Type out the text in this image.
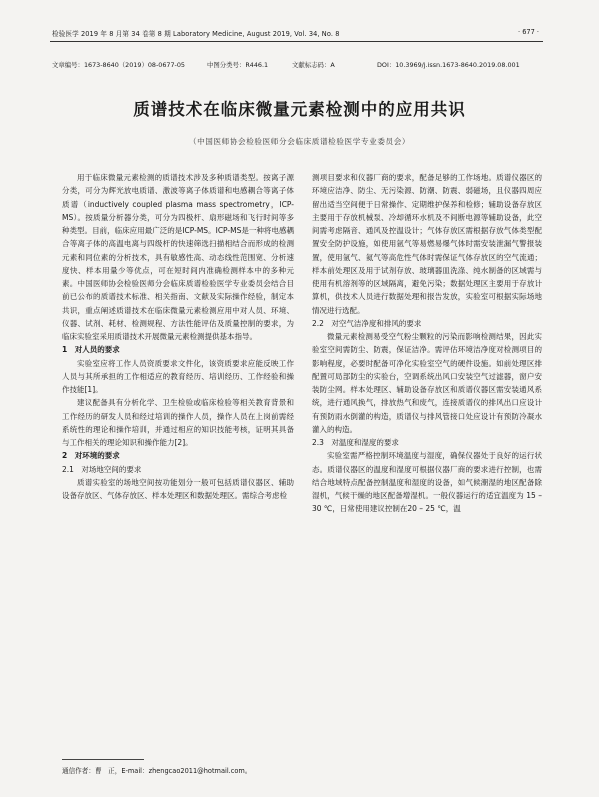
检验医学 2019 年 8 月第 34 卷第 8 期 Laboratory Medicine, August 2019, Vol. 34, No. 8	· 677 ·
文章编号：1673-8640（2019）08-0677-05	中图分类号：R446.1	文献标志码：A	DOI：10.3969/j.issn.1673-8640.2019.08.001
质谱技术在临床微量元素检测中的应用共识
（中国医师协会检验医师分会临床质谱检验医学专业委员会）

用于临床微量元素检测的质谱技术涉及多种质谱类型。按离子源分类，可分为辉光放电质谱、激波等离子体质谱和电感耦合等离子体质谱（inductively coupled plasma mass spectrometry，ICP-MS）。按质量分析器分类，可分为四极杆、扇形磁场和飞行时间等多种类型。目前，临床应用最广泛的是ICP-MS。ICP-MS是一种将电感耦合等离子体的高温电离与四级杆的快速筛选扫描相结合而形成的检测元素和同位素的分析技术，具有敏感性高、动态线性范围宽、分析速度快、样本用量少等优点，可在短时间内准确检测样本中的多种元素。中国医师协会检验医师分会临床质谱检验医学专业委员会结合目前已公布的质谱技术标准、相关指南、文献及实际操作经验，制定本共识，重点阐述质谱技术在临床微量元素检测应用中对人员、环境、仪器、试剂、耗材、检测规程、方法性能评估及质量控制的要求，为临床实验室采用质谱技术开展微量元素检测提供基本指导。

1　对人员的要求

实验室应将工作人员资质要求文件化，该资质要求应能反映工作人员与其所承担的工作相适应的教育经历、培训经历、工作经验和操作技能[1]。

建议配备具有分析化学、卫生检验或临床检验等相关教育背景和工作经历的研发人员和经过培训的操作人员，操作人员在上岗前需经系统性的理论和操作培训，并通过相应的知识技能考核，证明其具备与工作相关的理论知识和操作能力[2]。

2　对环境的要求

2.1　对场地空间的要求

质谱实验室的场地空间按功能划分一般可包括质谱仪器区、辅助设备存放区、气体存放区、样本处理区和数据处理区。需综合考虑检

测项目要求和仪器厂商的要求，配备足够的工作场地。质谱仪器区的环境应洁净、防尘、无污染源、防潮、防震、弱磁场，且仪器四周应留出适当空间便于日常操作、定期维护保养和检修；辅助设备存放区主要用于存放机械泵、冷却循环水机及不间断电源等辅助设备，此空间需考虑隔音、通风及控温设计；气体存放区需根据存放气体类型配置安全防护设施，如使用氩气等易燃易爆气体时需安装泄漏气警报装置，使用氩气、氦气等高危性气体时需保证气体存放区的空气流通；样本前处理区及用于试剂存放、玻璃器皿洗涤、纯水制备的区域需与使用有机溶剂等的区域隔离，避免污染；数据处理区主要用于存放计算机，供技术人员进行数据处理和报告发放，实验室可根据实际场地情况进行选配。

2.2　对空气洁净度和排风的要求

微量元素检测易受空气粉尘颗粒的污染而影响检测结果，因此实验室空间需防尘、防震，保证洁净。需评估环境洁净度对检测项目的影响程度，必要时配备可净化实验室空气的硬件设施。如前处理区排配置可局部防尘的实验台，空调系统出风口安装空气过滤器，窗户安装防尘网。样本处理区、辅助设备存放区和质谱仪器区需安装通风系统，进行通风换气，排放热气和废气，连接质谱仪的排风出口应设计有预防雨水倒灌的构造，质谱仪与排风管接口处应设计有预防冷凝水灌入的构造。

2.3　对温度和湿度的要求

实验室需严格控制环境温度与湿度，确保仪器处于良好的运行状态。质谱仪器区的温度和湿度可根据仪器厂商的要求进行控制，也需结合地域特点配备控制温度和湿度的设备，如气候潮湿的地区配备除湿机，气候干燥的地区配备增湿机。一般仪器运行的适宜温度为 15 – 30 ℃，日常使用建议控制在20 – 25 ℃，温

通信作者：曹　正，E-mail：zhengcao2011@hotmail.com。
